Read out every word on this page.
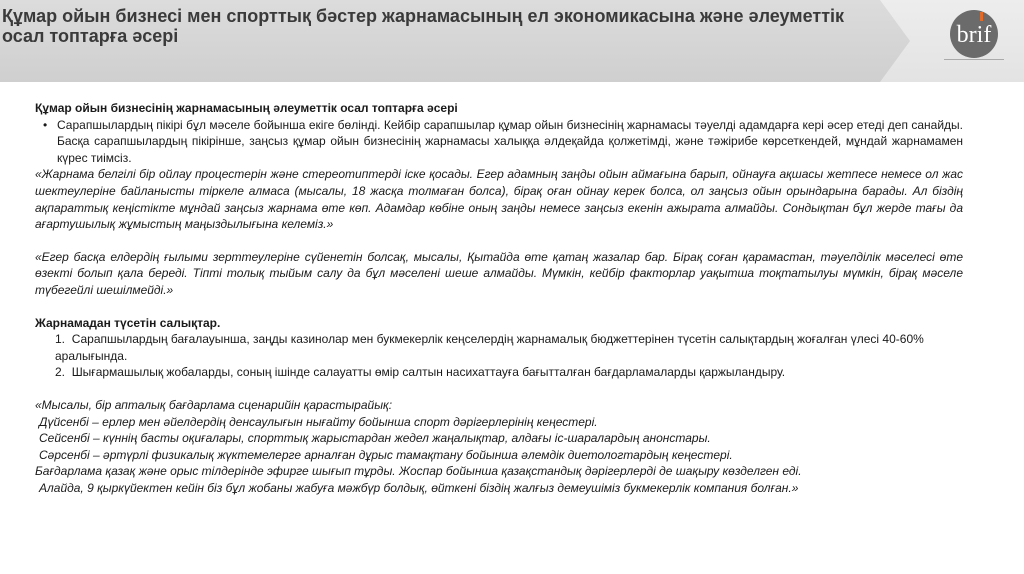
Құмар ойын бизнесі мен спорттық бәстер жарнамасының ел экономикасына және әлеуметтік осал топтарға әсері	brif

Құмар ойын бизнесінің жарнамасының әлеуметтік осал топтарға әсері

• Сарапшылардың пікірі бұл мәселе бойынша екіге бөлінді. Кейбір сарапшылар құмар ойын бизнесінің жарнамасы тәуелді адамдарға кері әсер етеді деп санайды. Басқа сарапшылардың пікірінше, заңсыз құмар ойын бизнесінің жарнамасы халыққа әлдеқайда қолжетімді, және тәжірибе көрсеткендей, мұндай жарнамамен күрес тиімсіз.

«Жарнама белгілі бір ойлау процестерін және стереотиптерді іске қосады. Егер адамның заңды ойын аймағына барып, ойнауға ақшасы жетпесе немесе ол жас шектеулеріне байланысты тіркеле алмаса (мысалы, 18 жасқа толмаған болса), бірақ оған ойнау керек болса, ол заңсыз ойын орындарына барады. Ал біздің ақпараттық кеңістікте мұндай заңсыз жарнама өте көп. Адамдар көбіне оның заңды немесе заңсыз екенін ажырата алмайды. Сондықтан бұл жерде тағы да ағартушылық жұмыстың маңыздылығына келеміз.»

«Егер басқа елдердің ғылыми зерттеулеріне сүйенетін болсақ, мысалы, Қытайда өте қатаң жазалар бар. Бірақ соған қарамастан, тәуелділік мәселесі өте өзекті болып қала береді. Тіпті толық тыйым салу да бұл мәселені шеше алмайды. Мүмкін, кейбір факторлар уақытша тоқтатылуы мүмкін, бірақ мәселе түбегейлі шешілмейді.»

Жарнамадан түсетін салықтар.

1. Сарапшылардың бағалауынша, заңды казинолар мен букмекерлік кеңселердің жарнамалық бюджеттерінен түсетін салықтардың жоғалған үлесі 40-60% аралығында.

2. Шығармашылық жобаларды, соның ішінде салауатты өмір салтын насихаттауға бағытталған бағдарламаларды қаржыландыру.

«Мысалы, бір апталық бағдарлама сценарийін қарастырайық:

Дүйсенбі – ерлер мен әйелдердің денсаулығын нығайту бойынша спорт дәрігерлерінің кеңестері.

Сейсенбі – күннің басты оқиғалары, спорттық жарыстардан жедел жаңалықтар, алдағы іс-шаралардың анонстары.

Сәрсенбі – әртүрлі физикалық жүктемелерге арналған дұрыс тамақтану бойынша әлемдік диетологтардың кеңестері.

Бағдарлама қазақ және орыс тілдерінде эфирге шығып тұрды. Жоспар бойынша қазақстандық дәрігерлерді де шақыру көзделген еді.

Алайда, 9 қыркүйектен кейін біз бұл жобаны жабуға мәжбүр болдық, өйткені біздің жалғыз демеушіміз букмекерлік компания болған.»
